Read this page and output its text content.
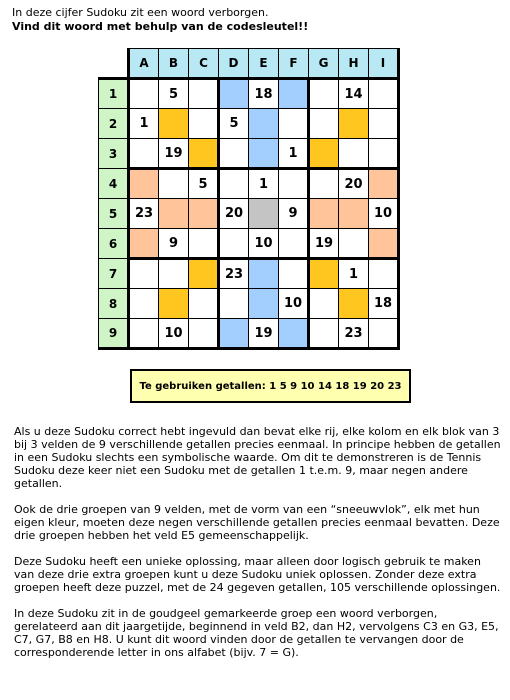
In deze cijfer Sudoku zit een woord verborgen.
Vind dit woord met behulp van de codesleutel!!
	A	B	C	D	E	F	G	H	I
1		5			18			14	
2	1			5					
3		19				1			
4			5		1			20	
5	23			20		9			10
6		9			10		19		
7				23				1	
8						10			18
9		10			19			23	
Te gebruiken getallen: 1 5 9 10 14 18 19 20 23

Als u deze Sudoku correct hebt ingevuld dan bevat elke rij, elke kolom en elk blok van 3 bij 3 velden de 9 verschillende getallen precies eenmaal. In principe hebben de getallen in een Sudoku slechts een symbolische waarde. Om dit te demonstreren is de Tennis Sudoku deze keer niet een Sudoku met de getallen 1 t.e.m. 9, maar negen andere getallen.

Ook de drie groepen van 9 velden, met de vorm van een “sneeuwvlok”, elk met hun eigen kleur, moeten deze negen verschillende getallen precies eenmaal bevatten. Deze drie groepen hebben het veld E5 gemeenschappelijk.

Deze Sudoku heeft een unieke oplossing, maar alleen door logisch gebruik te maken van deze drie extra groepen kunt u deze Sudoku uniek oplossen. Zonder deze extra groepen heeft deze puzzel, met de 24 gegeven getallen, 105 verschillende oplossingen.

In deze Sudoku zit in de goudgeel gemarkeerde groep een woord verborgen, gerelateerd aan dit jaargetijde, beginnend in veld B2, dan H2, vervolgens C3 en G3, E5, C7, G7, B8 en H8. U kunt dit woord vinden door de getallen te vervangen door de corresponderende letter in ons alfabet (bijv. 7 = G).
